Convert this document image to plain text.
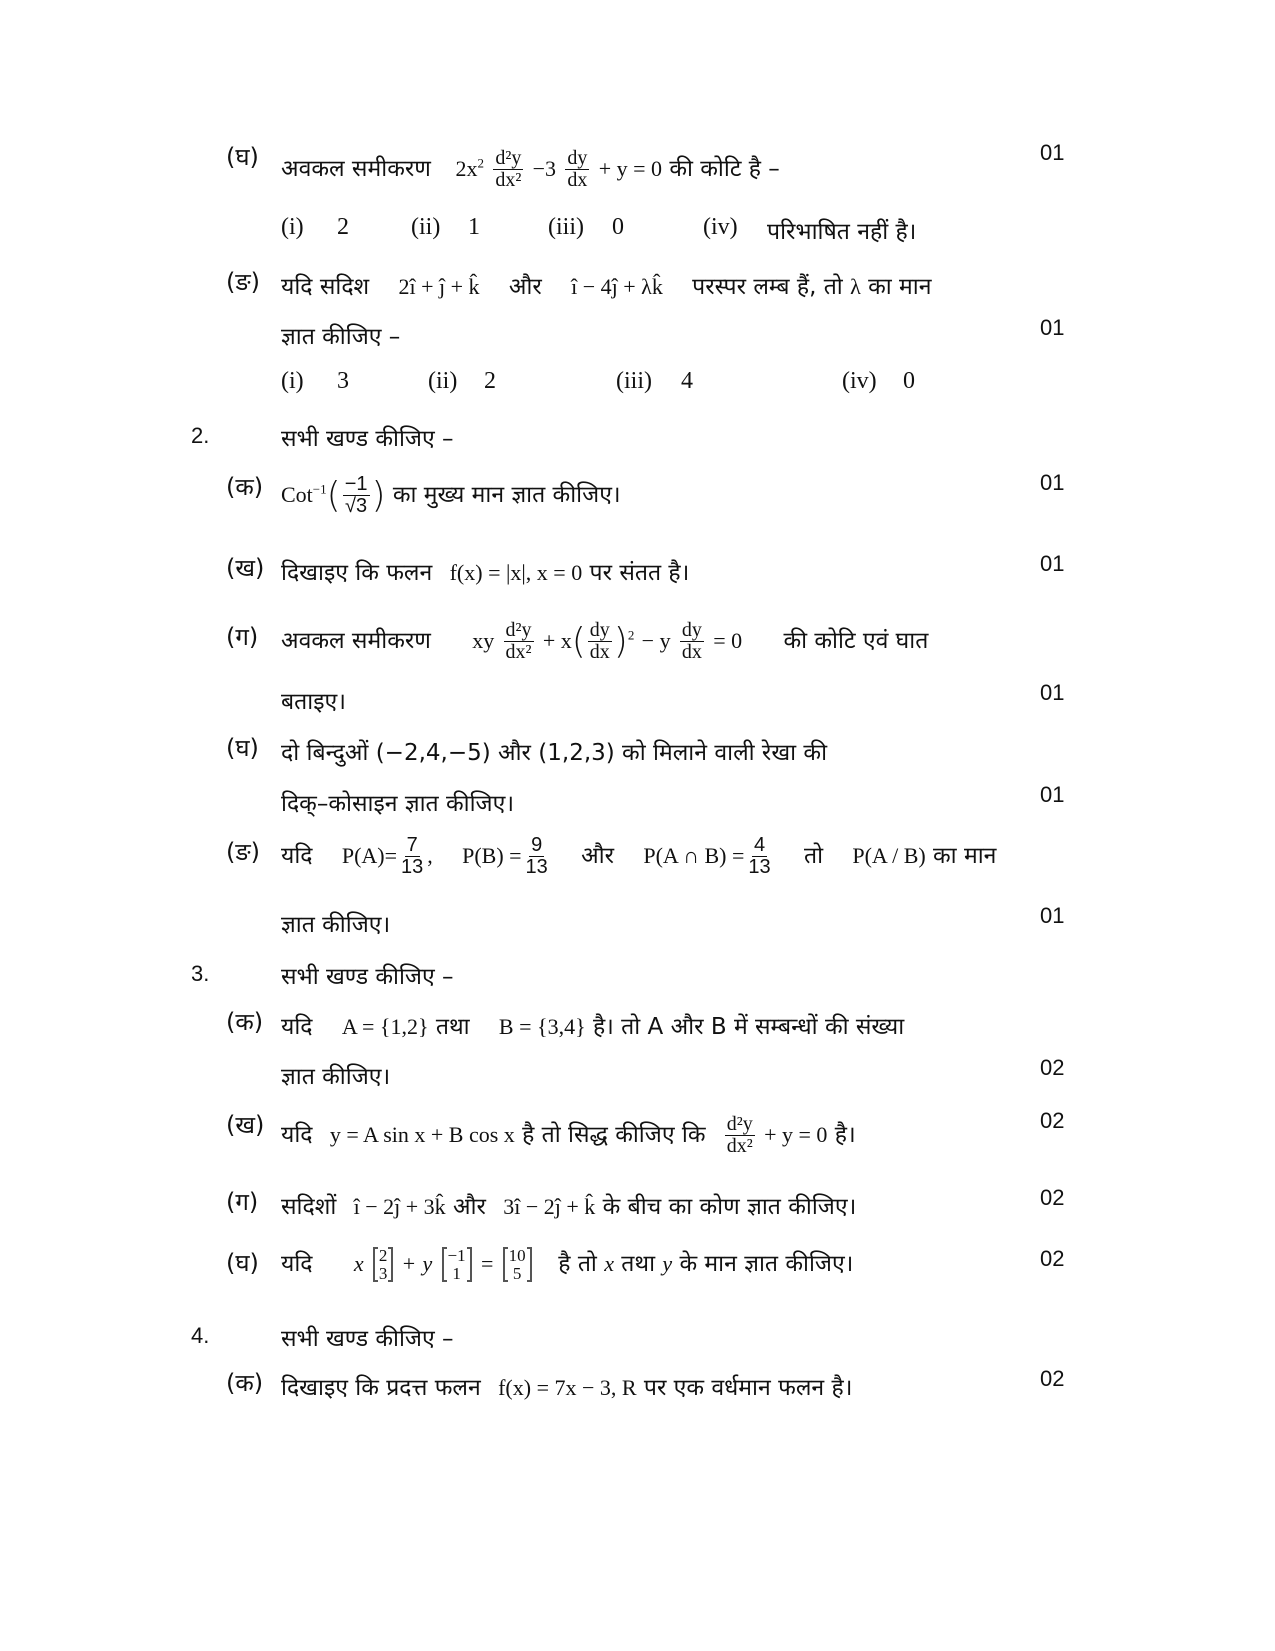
(घ) अवकल समीकरण $2x^2 \frac{\text{d²y}}{\text{dx²}} -3 \frac{dy}{dx} + y = 0$ की कोटि है –
01
(i) 2	(ii) 1	(iii) 0	(iv) परिभाषित नहीं है।
(ङ) यदि सदिश 2î + ĵ + k̂ और î − 4ĵ + λk̂ परस्पर लम्ब हैं, तो λ का मान
ज्ञात कीजिए –	01
(i) 3	(ii) 2	(iii) 4	(iv) 0
2.	सभी खण्ड कीजिए –
(क) $Cot^{-1}( \frac{-1}{√3}$ ) का मुख्य मान ज्ञात कीजिए।	01
(ख) दिखाइए कि फलन f(x) = |x|, x = 0 पर संतत है।	01
(ग) अवकल समीकरण xy $\frac{\text{d²y}}{\text{dx²}} + x( \frac{dy}{dx} )^2 - y \frac{dy}{dx} = 0$ की कोटि एवं घात
बताइए।	01
(घ) दो बिन्दुओं (−2,4,−5) और (1,2,3) को मिलाने वाली रेखा की
दिक्–कोसाइन ज्ञात कीजिए।	01
(ङ) यदि $P(A)= \frac{7}{13}$ , $P(B) = \frac{9}{13}$ और P(A ∩ $B) = \frac{4}{13}$ तो P(A / B) का मान
ज्ञात कीजिए।	01
3.	सभी खण्ड कीजिए –
(क) यदि A = {1,2} तथा B = {3,4} है। तो A और B में सम्बन्धों की संख्या
ज्ञात कीजिए।	02
(ख) यदि y = A sin x + B cos x है तो सिद्ध कीजिए कि $\frac{\text{d²y}}{\text{dx²}} + y = 0$ है।
02
(ग) सदिशों î − 2ĵ + 3k̂ और 3î − 2ĵ + k̂ के बीच का कोण ज्ञात कीजिए।	02
(घ) यदि x 2
3 + y −1
1 = 10
5 है तो x तथा y के मान ज्ञात कीजिए।	02
4.	सभी खण्ड कीजिए –
(क) दिखाइए कि प्रदत्त फलन f(x) = 7x − 3, R पर एक वर्धमान फलन है।	02
